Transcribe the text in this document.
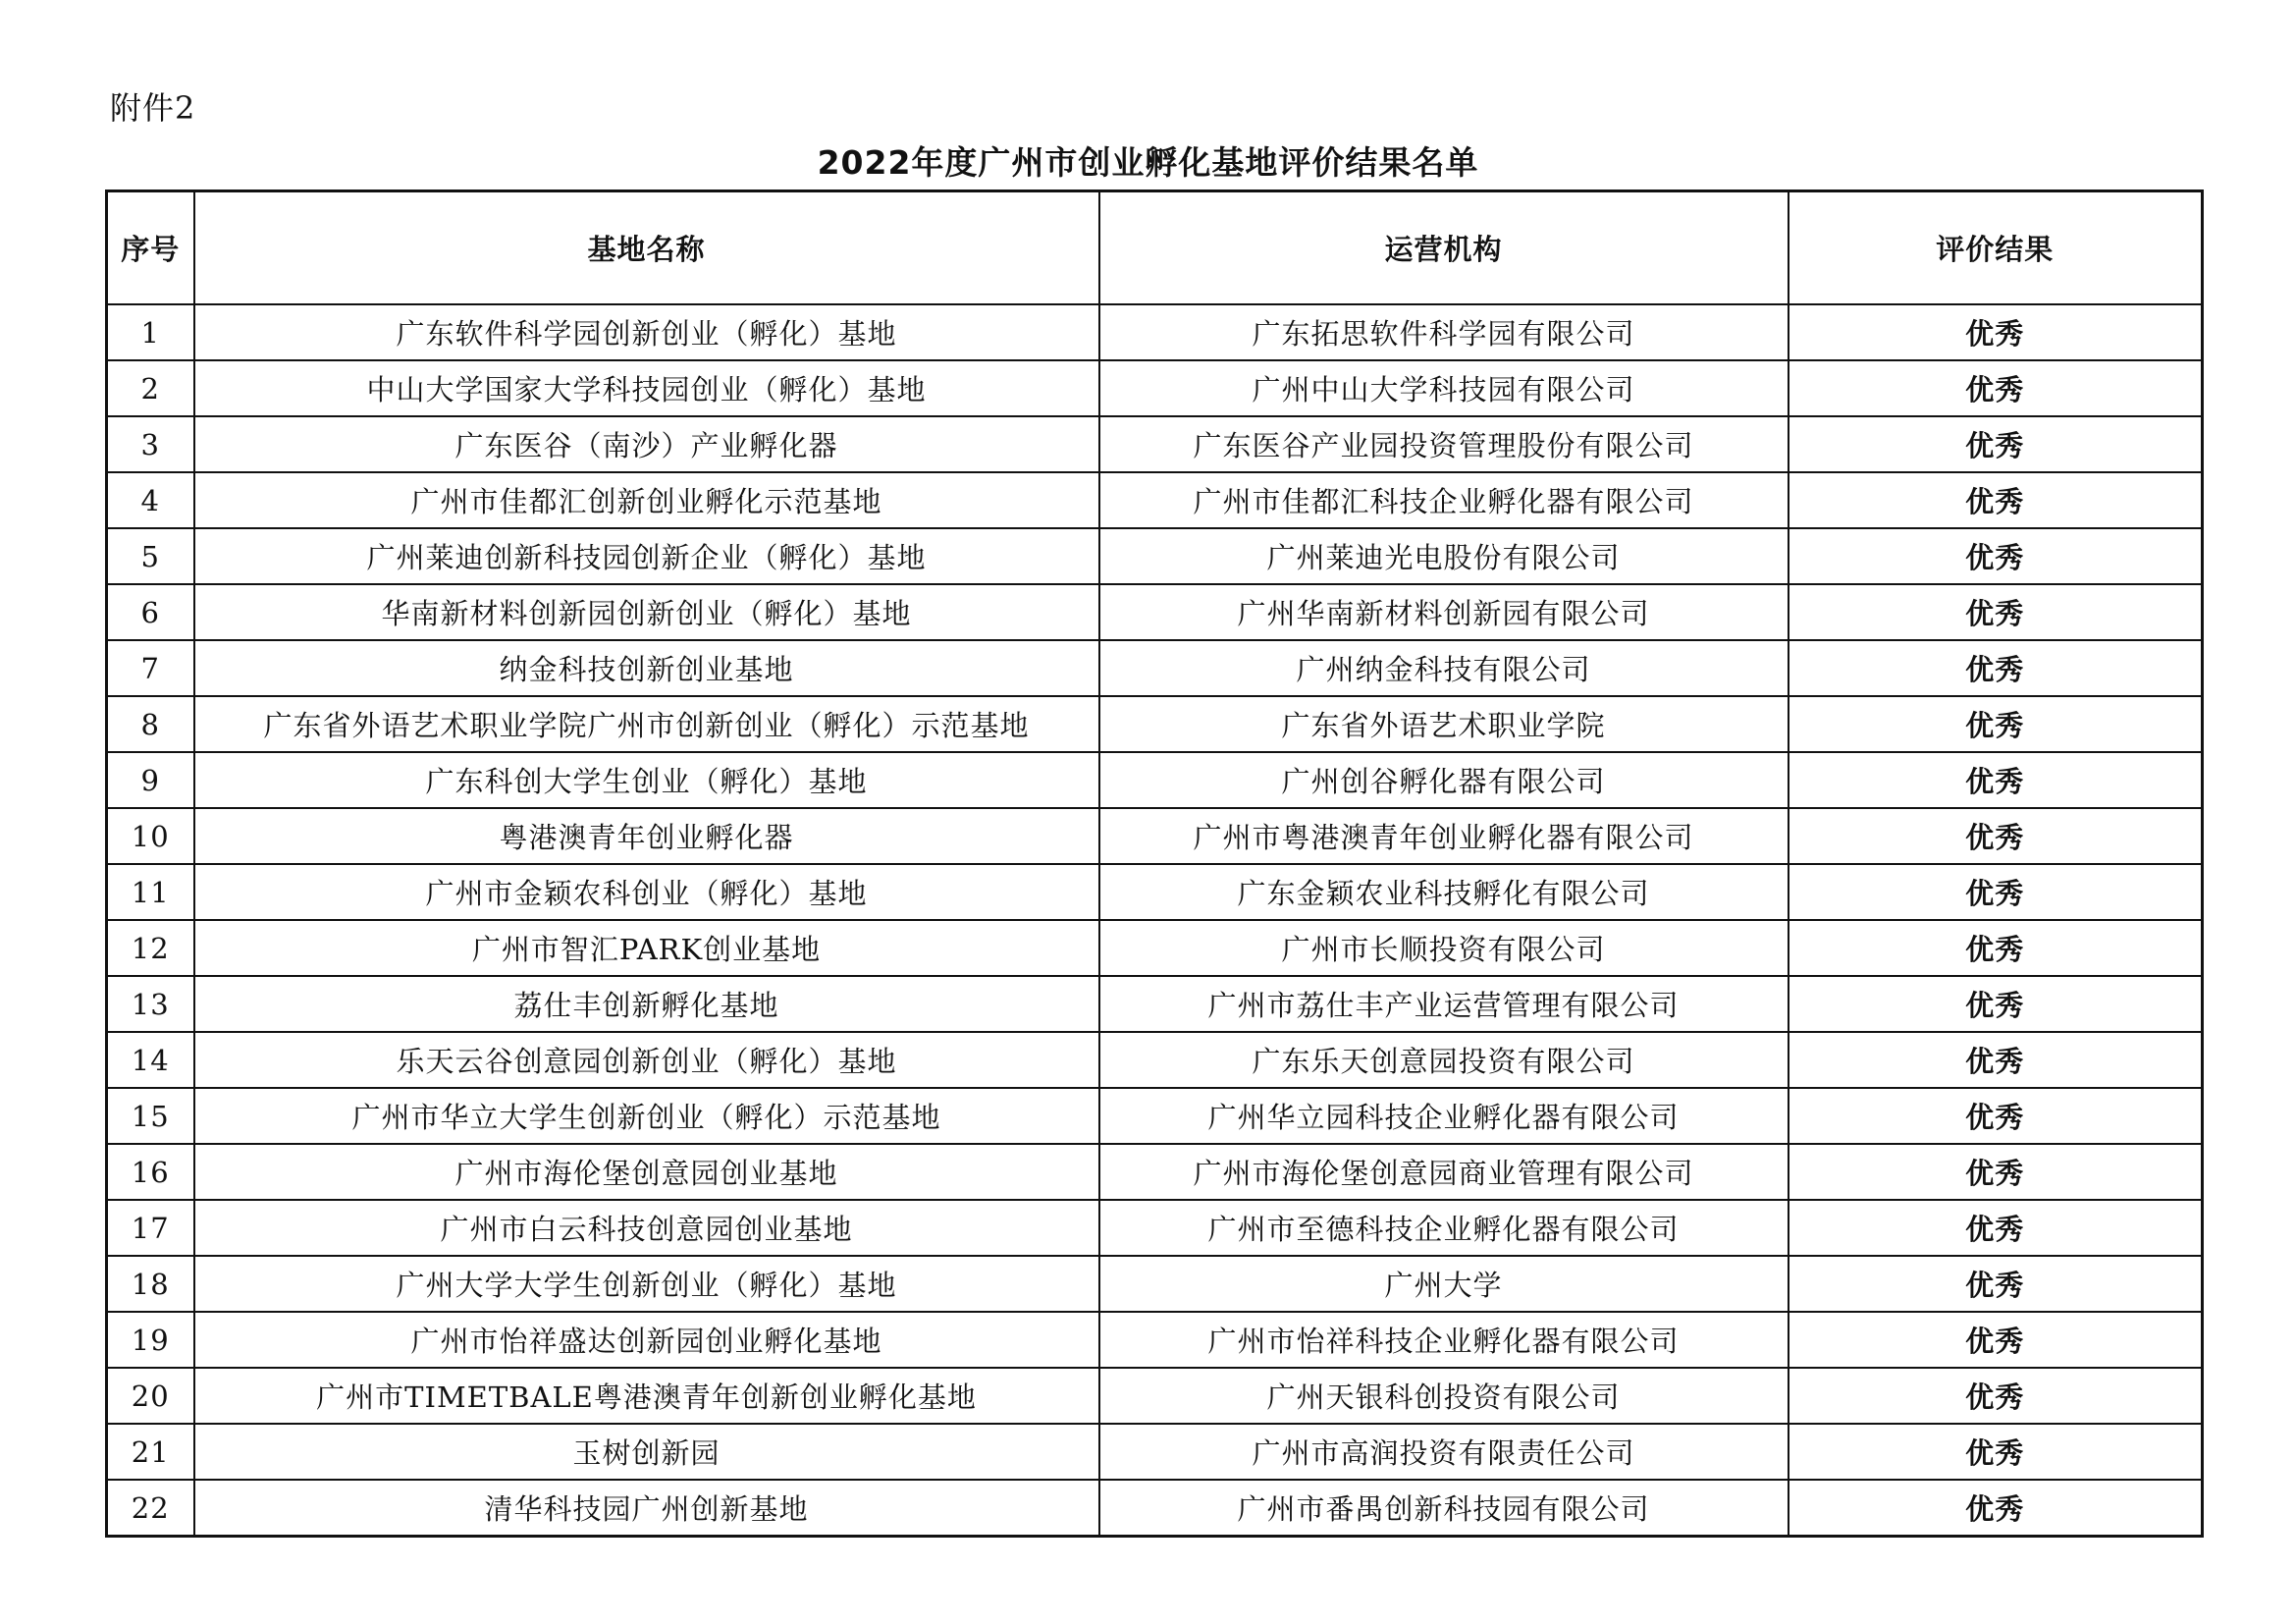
附件2
2022年度广州市创业孵化基地评价结果名单
序号	基地名称	运营机构	评价结果
1	广东软件科学园创新创业（孵化）基地	广东拓思软件科学园有限公司	优秀
2	中山大学国家大学科技园创业（孵化）基地	广州中山大学科技园有限公司	优秀
3	广东医谷（南沙）产业孵化器	广东医谷产业园投资管理股份有限公司	优秀
4	广州市佳都汇创新创业孵化示范基地	广州市佳都汇科技企业孵化器有限公司	优秀
5	广州莱迪创新科技园创新企业（孵化）基地	广州莱迪光电股份有限公司	优秀
6	华南新材料创新园创新创业（孵化）基地	广州华南新材料创新园有限公司	优秀
7	纳金科技创新创业基地	广州纳金科技有限公司	优秀
8	广东省外语艺术职业学院广州市创新创业（孵化）示范基地	广东省外语艺术职业学院	优秀
9	广东科创大学生创业（孵化）基地	广州创谷孵化器有限公司	优秀
10	粤港澳青年创业孵化器	广州市粤港澳青年创业孵化器有限公司	优秀
11	广州市金颖农科创业（孵化）基地	广东金颖农业科技孵化有限公司	优秀
12	广州市智汇PARK创业基地	广州市长顺投资有限公司	优秀
13	荔仕丰创新孵化基地	广州市荔仕丰产业运营管理有限公司	优秀
14	乐天云谷创意园创新创业（孵化）基地	广东乐天创意园投资有限公司	优秀
15	广州市华立大学生创新创业（孵化）示范基地	广州华立园科技企业孵化器有限公司	优秀
16	广州市海伦堡创意园创业基地	广州市海伦堡创意园商业管理有限公司	优秀
17	广州市白云科技创意园创业基地	广州市至德科技企业孵化器有限公司	优秀
18	广州大学大学生创新创业（孵化）基地	广州大学	优秀
19	广州市怡祥盛达创新园创业孵化基地	广州市怡祥科技企业孵化器有限公司	优秀
20	广州市TIMETBALE粤港澳青年创新创业孵化基地	广州天银科创投资有限公司	优秀
21	玉树创新园	广州市高润投资有限责任公司	优秀
22	清华科技园广州创新基地	广州市番禺创新科技园有限公司	优秀
